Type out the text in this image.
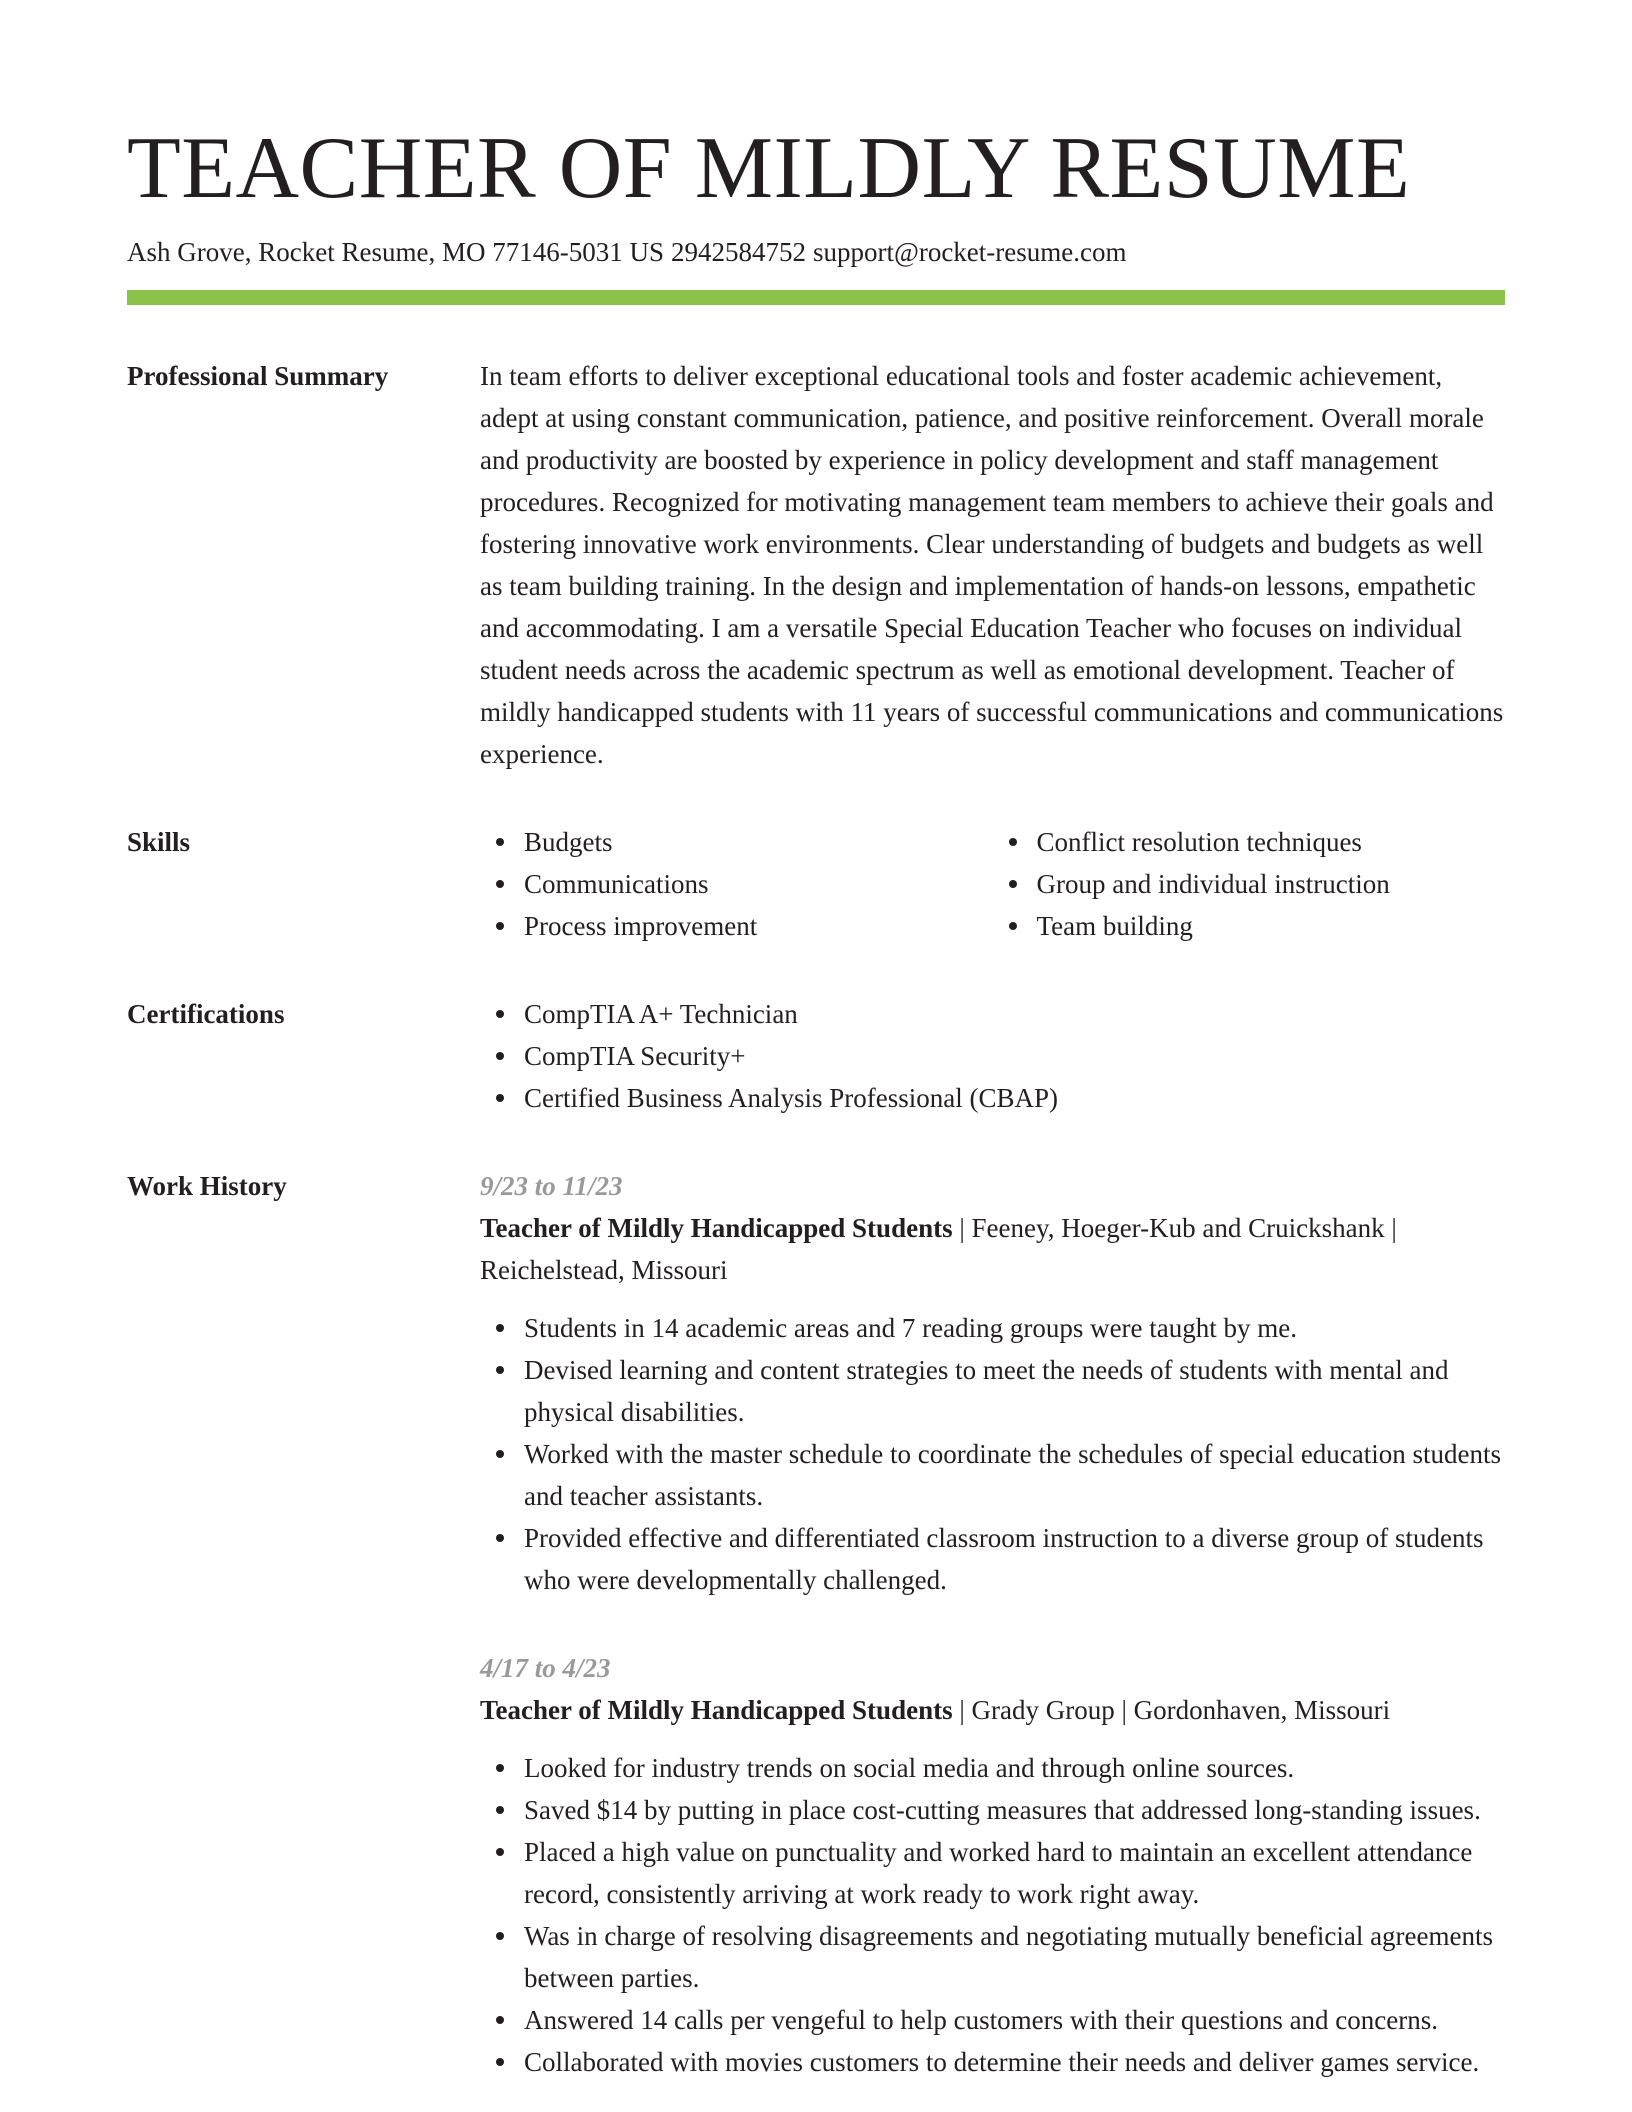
TEACHER OF MILDLY RESUME
Ash Grove, Rocket Resume, MO 77146-5031 US 2942584752 support@rocket-resume.com
Professional Summary	In team efforts to deliver exceptional educational tools and foster academic achievement, adept at using constant communication, patience, and positive reinforcement. Overall morale and productivity are boosted by experience in policy development and staff management procedures. Recognized for motivating management team members to achieve their goals and fostering innovative work environments. Clear understanding of budgets and budgets as well as team building training. In the design and implementation of hands-on lessons, empathetic and accommodating. I am a versatile Special Education Teacher who focuses on individual student needs across the academic spectrum as well as emotional development. Teacher of mildly handicapped students with 11 years of successful communications and communications experience.

Skills	Budgets
Communications
Process improvement
Conflict resolution techniques
Group and individual instruction
Team building
Certifications	CompTIA A+ Technician
CompTIA Security+
Certified Business Analysis Professional (CBAP)
Work History	9/23 to 11/23
Teacher of Mildly Handicapped Students | Feeney, Hoeger-Kub and Cruickshank | Reichelstead, Missouri
Students in 14 academic areas and 7 reading groups were taught by me.
Devised learning and content strategies to meet the needs of students with mental and physical disabilities.
Worked with the master schedule to coordinate the schedules of special education students and teacher assistants.
Provided effective and differentiated classroom instruction to a diverse group of students who were developmentally challenged.
4/17 to 4/23
Teacher of Mildly Handicapped Students | Grady Group | Gordonhaven, Missouri
Looked for industry trends on social media and through online sources.
Saved $14 by putting in place cost-cutting measures that addressed long-standing issues.
Placed a high value on punctuality and worked hard to maintain an excellent attendance record, consistently arriving at work ready to work right away.
Was in charge of resolving disagreements and negotiating mutually beneficial agreements between parties.
Answered 14 calls per vengeful to help customers with their questions and concerns.
Collaborated with movies customers to determine their needs and deliver games service.
